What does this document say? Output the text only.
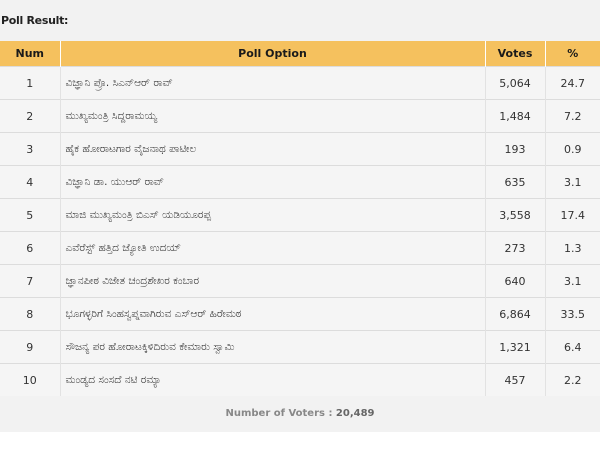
Poll Result:
Num	Poll Option	Votes	%
1	ವಿಜ್ಞಾನಿ ಪ್ರೊ. ಸಿಎನ್‌ಆರ್ ರಾವ್	5,064	24.7
2	ಮುಖ್ಯಮಂತ್ರಿ ಸಿದ್ದರಾಮಯ್ಯ	1,484	7.2
3	ಹೈಕ ಹೋರಾಟಗಾರ ವೈಜನಾಥ ಪಾಟೀಲ	193	0.9
4	ವಿಜ್ಞಾನಿ ಡಾ. ಯುಆರ್ ರಾವ್	635	3.1
5	ಮಾಜಿ ಮುಖ್ಯಮಂತ್ರಿ ಬಿಎಸ್ ಯಡಿಯೂರಪ್ಪ	3,558	17.4
6	ಎವೆರೆಸ್ಟ್ ಹತ್ತಿದ ಜ್ಯೋತಿ ಉದಯ್	273	1.3
7	ಜ್ಞಾನಪೀಠ ವಿಜೇತ ಚಂದ್ರಶೇಖರ ಕಂಬಾರ	640	3.1
8	ಭೂಗಳ್ಳರಿಗೆ ಸಿಂಹಸ್ವಪ್ನವಾಗಿರುವ ಎಸ್‌ಆರ್ ಹಿರೇಮಠ	6,864	33.5
9	ಸೌಜನ್ಯ ಪರ ಹೋರಾಟಕ್ಕಿಳಿದಿರುವ ಕೇಮಾರು ಸ್ವಾಮಿ	1,321	6.4
10	ಮಂಡ್ಯದ ಸಂಸದೆ ನಟಿ ರಮ್ಯಾ	457	2.2
Number of Voters : 20,489
